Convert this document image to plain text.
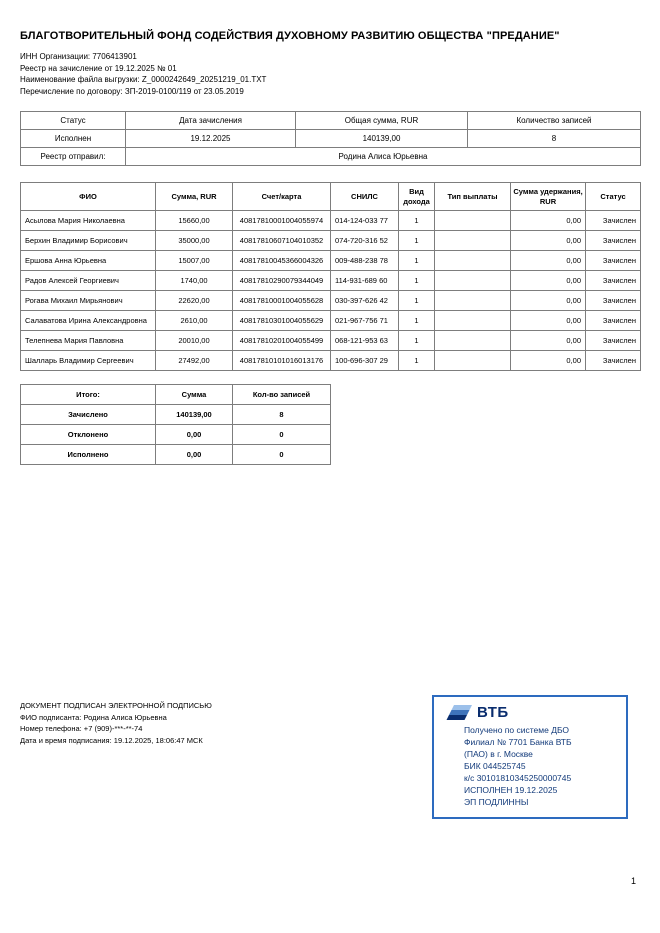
БЛАГОТВОРИТЕЛЬНЫЙ ФОНД СОДЕЙСТВИЯ ДУХОВНОМУ РАЗВИТИЮ ОБЩЕСТВА "ПРЕДАНИЕ"
ИНН Организации: 7706413901
Реестр на зачисление от 19.12.2025 № 01
Наименование файла выгрузки: Z_0000242649_20251219_01.TXT
Перечисление по договору: ЗП-2019-0100/119 от 23.05.2019
Статус	Дата зачисления	Общая сумма, RUR	Количество записей
Исполнен	19.12.2025	140139,00	8
Реестр отправил:	Родина Алиса Юрьевна		
ФИО	Сумма, RUR	Счет/карта	СНИЛС	Вид дохода	Тип выплаты	Сумма удержания, RUR	Статус
Асылова Мария Николаевна	15660,00	40817810001004055974	014-124-033 77	1		0,00	Зачислен
Берхин Владимир Борисович	35000,00	40817810607104010352	074-720-316 52	1		0,00	Зачислен
Ершова Анна Юрьевна	15007,00	40817810045366004326	009-488-238 78	1		0,00	Зачислен
Радов Алексей Георгиевич	1740,00	40817810290079344049	114-931-689 60	1		0,00	Зачислен
Рогава Михаил Мирьянович	22620,00	40817810001004055628	030-397-626 42	1		0,00	Зачислен
Салаватова Ирина Александровна	2610,00	40817810301004055629	021-967-756 71	1		0,00	Зачислен
Телепнева Мария Павловна	20010,00	40817810201004055499	068-121-953 63	1		0,00	Зачислен
Шалларь Владимир Сергеевич	27492,00	40817810101016013176	100-696-307 29	1		0,00	Зачислен
Итого:	Сумма	Кол-во записей
Зачислено	140139,00	8
Отклонено	0,00	0
Исполнено	0,00	0
ДОКУМЕНТ ПОДПИСАН ЭЛЕКТРОННОЙ ПОДПИСЬЮ
ФИО подписанта: Родина Алиса Юрьевна
Номер телефона: +7 (909)-***-**-74
Дата и время подписания: 19.12.2025, 18:06:47 МСК
ВТБ
Получено по системе ДБО
Филиал № 7701 Банка ВТБ
(ПАО) в г. Москве
БИК 044525745
к/с 30101810345250000745
ИСПОЛНЕН 19.12.2025
ЭП ПОДЛИННЫ
1
